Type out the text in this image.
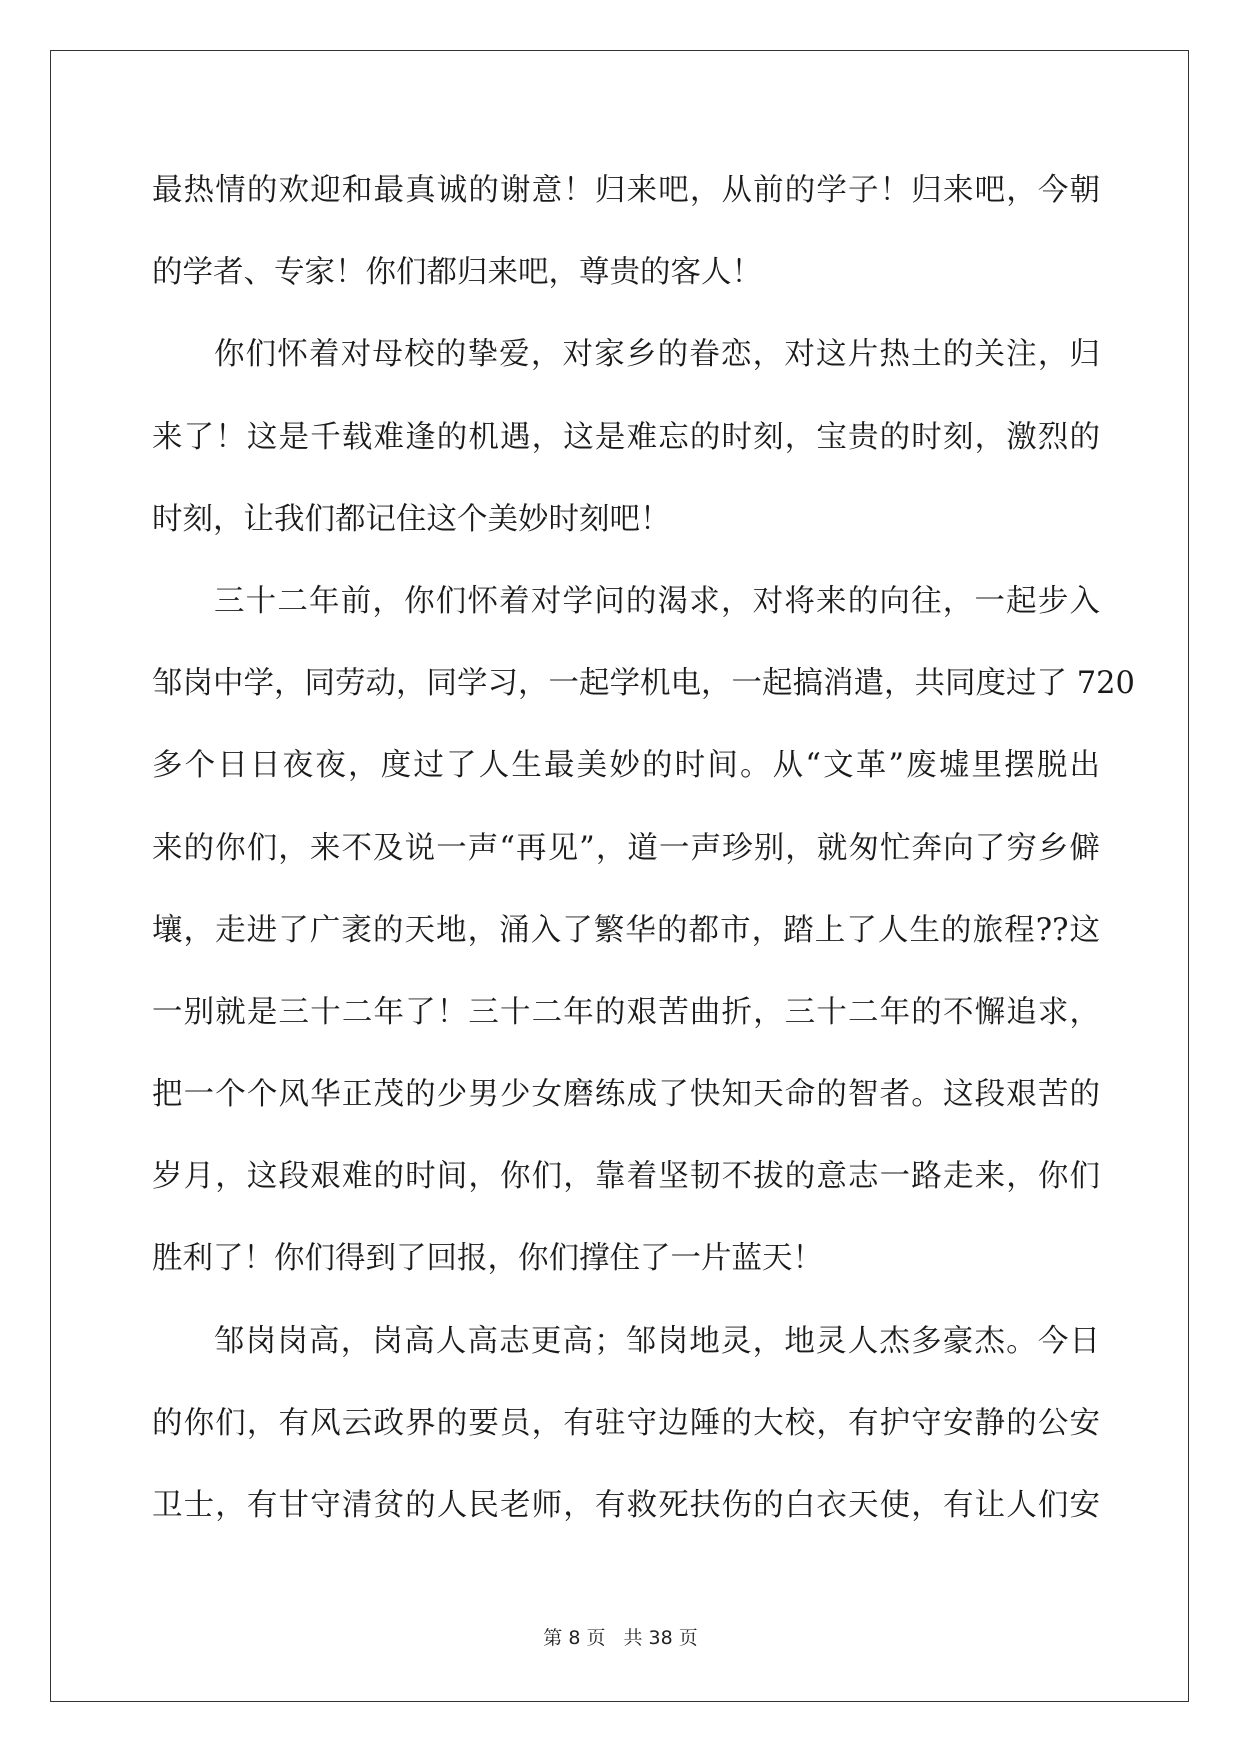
最热情的欢迎和最真诚的谢意！归来吧，从前的学子！归来吧，今朝
的学者、专家！你们都归来吧，尊贵的客人！
你们怀着对母校的挚爱，对家乡的眷恋，对这片热土的关注，归
来了！这是千载难逢的机遇，这是难忘的时刻，宝贵的时刻，激烈的
时刻，让我们都记住这个美妙时刻吧！
三十二年前，你们怀着对学问的渴求，对将来的向往，一起步入
邹岗中学，同劳动，同学习，一起学机电，一起搞消遣，共同度过了 720
多个日日夜夜，度过了人生最美妙的时间。从“文革”废墟里摆脱出
来的你们，来不及说一声“再见”，道一声珍别，就匆忙奔向了穷乡僻
壤，走进了广袤的天地，涌入了繁华的都市，踏上了人生的旅程??这
一别就是三十二年了！三十二年的艰苦曲折，三十二年的不懈追求，
把一个个风华正茂的少男少女磨练成了快知天命的智者。这段艰苦的
岁月，这段艰难的时间，你们，靠着坚韧不拔的意志一路走来，你们
胜利了！你们得到了回报，你们撑住了一片蓝天！
邹岗岗高，岗高人高志更高；邹岗地灵，地灵人杰多豪杰。今日
的你们，有风云政界的要员，有驻守边陲的大校，有护守安静的公安
卫士，有甘守清贫的人民老师，有救死扶伤的白衣天使，有让人们安
第 8 页 共 38 页
